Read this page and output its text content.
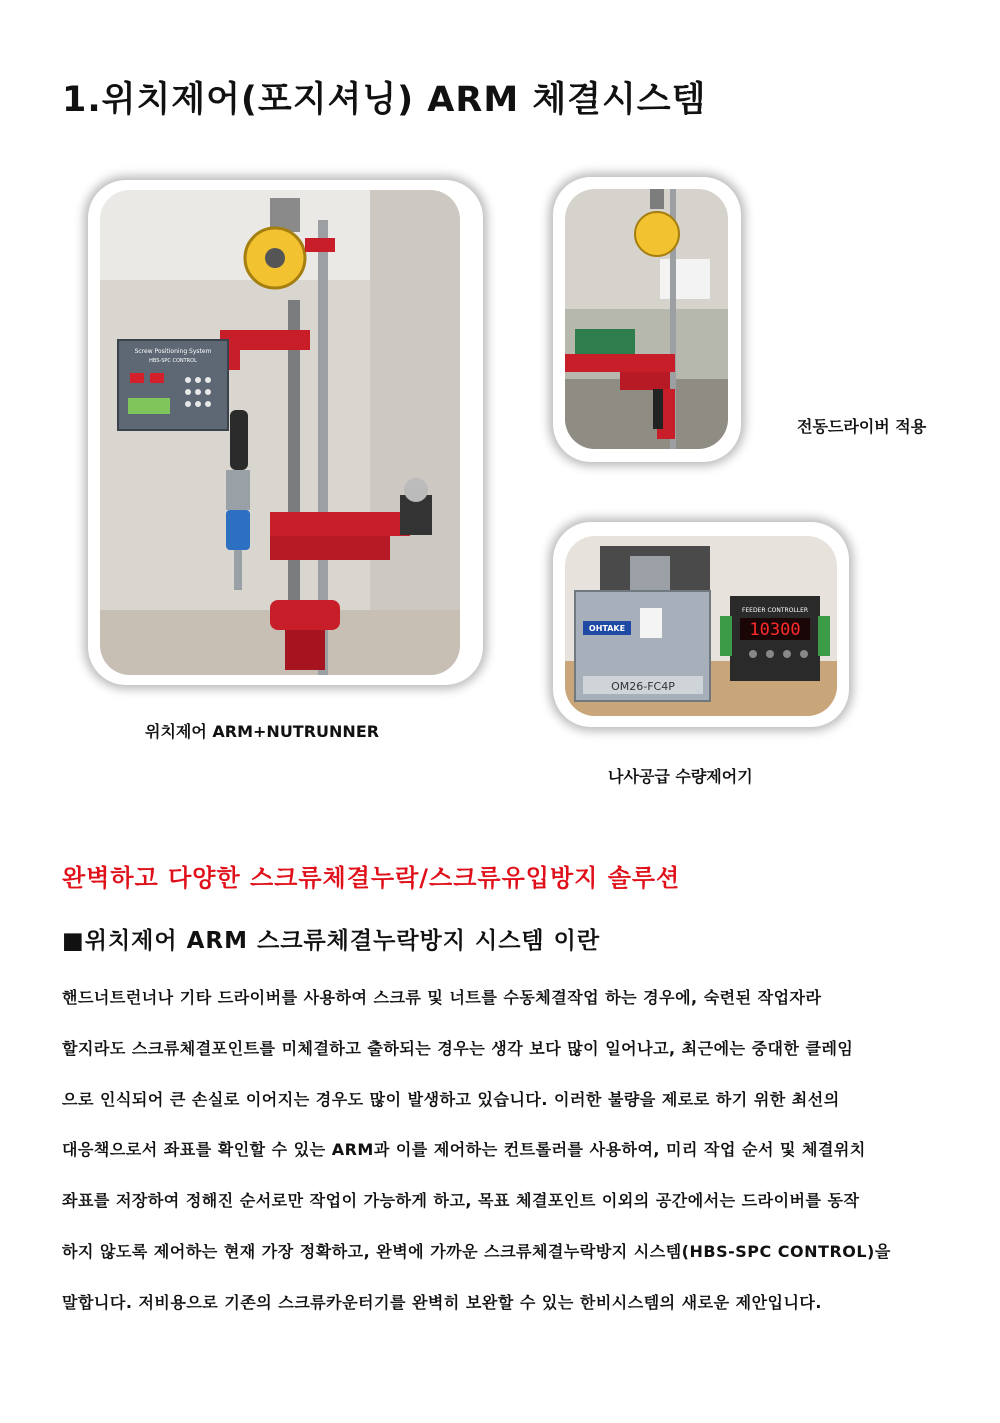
1.위치제어(포지셔닝) ARM 체결시스템
Screw Positioning System
HBS-SPC CONTROL

전동드라이버 적용

OHTAKE
OM26-FC4P
FEEDER CONTROLLER
10300

위치제어 ARM+NUTRUNNER

나사공급 수량제어기

완벽하고 다양한 스크류체결누락/스크류유입방지 솔루션
■위치제어 ARM 스크류체결누락방지 시스템 이란
핸드너트런너나 기타 드라이버를 사용하여 스크류 및 너트를 수동체결작업 하는 경우에, 숙련된 작업자라
할지라도 스크류체결포인트를 미체결하고 출하되는 경우는 생각 보다 많이 일어나고, 최근에는 중대한 클레임
으로 인식되어 큰 손실로 이어지는 경우도 많이 발생하고 있습니다. 이러한 불량을 제로로 하기 위한 최선의
대응책으로서 좌표를 확인할 수 있는 ARM과 이를 제어하는 컨트롤러를 사용하여, 미리 작업 순서 및 체결위치
좌표를 저장하여 정해진 순서로만 작업이 가능하게 하고, 목표 체결포인트 이외의 공간에서는 드라이버를 동작
하지 않도록 제어하는 현재 가장 정확하고, 완벽에 가까운 스크류체결누락방지 시스템(HBS-SPC CONTROL)을
말합니다. 저비용으로 기존의 스크류카운터기를 완벽히 보완할 수 있는 한비시스템의 새로운 제안입니다.
